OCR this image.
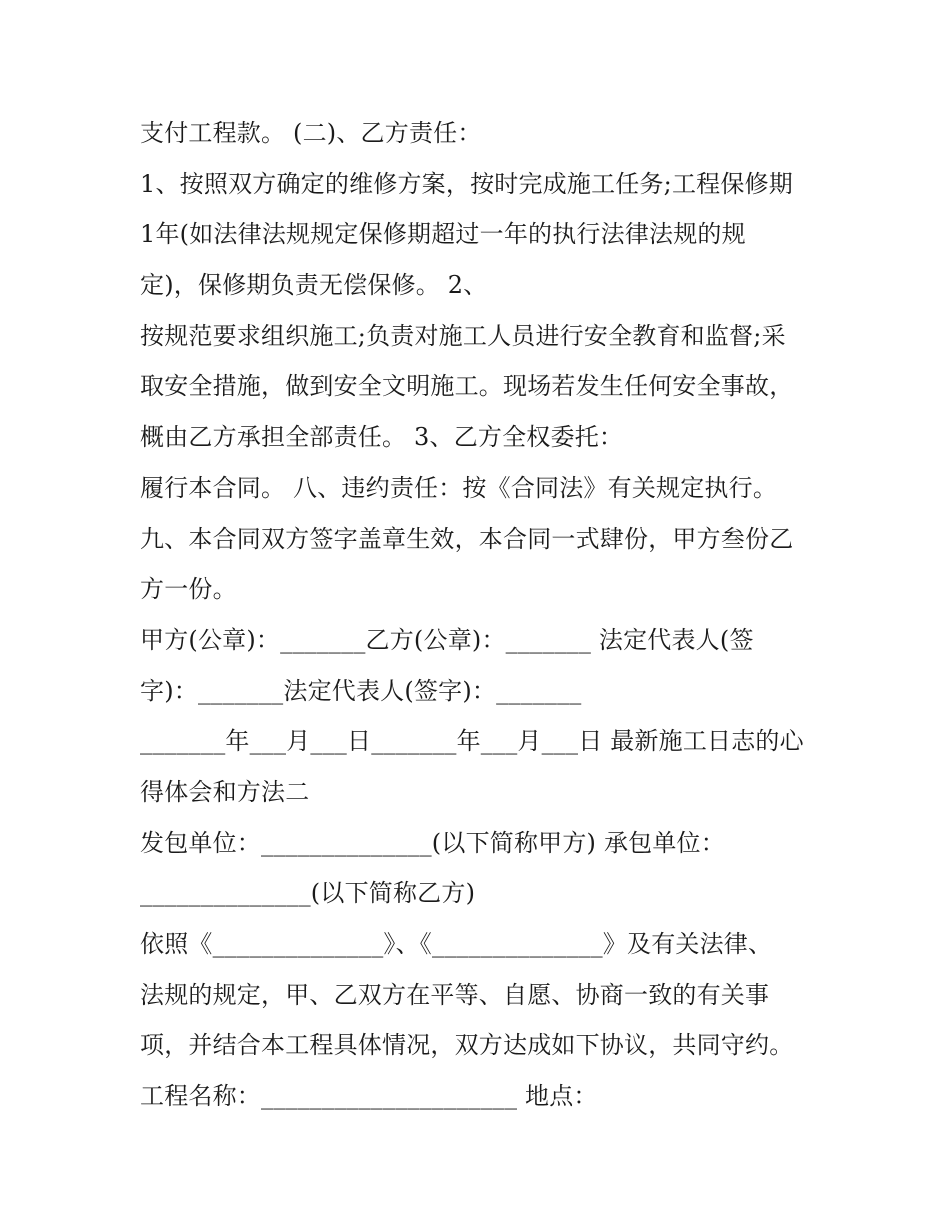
支付工程款。 (二)、乙方责任：
1、按照双方确定的维修方案，按时完成施工任务;工程保修期
1年(如法律法规规定保修期超过一年的执行法律法规的规
定)，保修期负责无偿保修。 2、
按规范要求组织施工;负责对施工人员进行安全教育和监督;采
取安全措施，做到安全文明施工。现场若发生任何安全事故，
概由乙方承担全部责任。 3、乙方全权委托：
履行本合同。 八、违约责任：按《合同法》有关规定执行。
九、本合同双方签字盖章生效，本合同一式肆份，甲方叁份乙
方一份。
甲方(公章)：_______乙方(公章)：_______ 法定代表人(签
字)：_______法定代表人(签字)：_______
_______年___月___日_______年___月___日 最新施工日志的心
得体会和方法二
发包单位：______________(以下简称甲方) 承包单位：
______________(以下简称乙方)
依照《______________》、《______________》及有关法律、
法规的规定，甲、乙双方在平等、自愿、协商一致的有关事
项，并结合本工程具体情况，双方达成如下协议，共同守约。
工程名称：_____________________ 地点：
